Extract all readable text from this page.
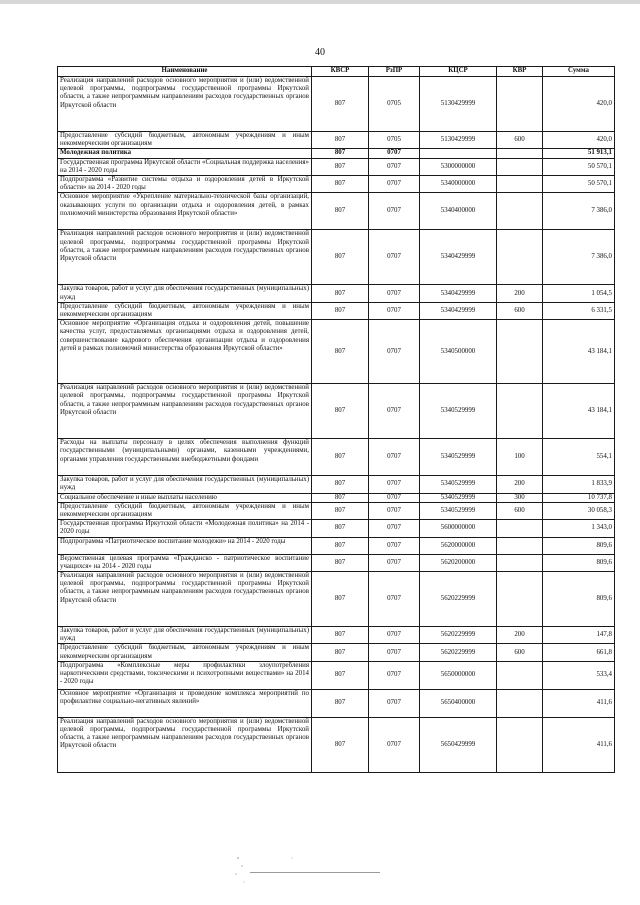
40
Наименование	КВСР	РзПР	КЦСР	КВР	Сумма
Реализация направлений расходов основного мероприятия и (или) ведомственной целевой программы, подпрограммы государственной программы Иркутской области, а также непрограммным направлениям расходов государственных органов Иркутской области	807	0705	5130429999		420,0
Предоставление субсидий бюджетным, автономным учреждениям и иным некоммерческим организациям	807	0705	5130429999	600	420,0
Молодежная политика	807	0707			51 913,1
Государственная программа Иркутской области «Социальная поддержка населения» на 2014 - 2020 годы	807	0707	5300000000		50 570,1
Подпрограмма «Развитие системы отдыха и оздоровления детей в Иркутской области» на 2014 - 2020 годы	807	0707	5340000000		50 570,1
Основное мероприятие «Укрепление материально-технической базы организаций, оказывающих услуги по организации отдыха и оздоровления детей, в рамках полномочий министерства образования Иркутской области»	807	0707	5340400000		7 386,0
Реализация направлений расходов основного мероприятия и (или) ведомственной целевой программы, подпрограммы государственной программы Иркутской области, а также непрограммным направлениям расходов государственных органов Иркутской области	807	0707	5340429999		7 386,0
Закупка товаров, работ и услуг для обеспечения государственных (муниципальных) нужд	807	0707	5340429999	200	1 054,5
Предоставление субсидий бюджетным, автономным учреждениям и иным некоммерческим организациям	807	0707	5340429999	600	6 331,5
Основное мероприятие «Организация отдыха и оздоровления детей, повышение качества услуг, предоставляемых организациями отдыха и оздоровления детей, совершенствование кадрового обеспечения организации отдыха и оздоровления детей в рамках полномочий министерства образования Иркутской области»	807	0707	5340500000		43 184,1
Реализация направлений расходов основного мероприятия и (или) ведомственной целевой программы, подпрограммы государственной программы Иркутской области, а также непрограммным направлениям расходов государственных органов Иркутской области	807	0707	5340529999		43 184,1
Расходы на выплаты персоналу в целях обеспечения выполнения функций государственными (муниципальными) органами, казенными учреждениями, органами управления государственными внебюджетными фондами	807	0707	5340529999	100	554,1
Закупка товаров, работ и услуг для обеспечения государственных (муниципальных) нужд	807	0707	5340529999	200	1 833,9
Социальное обеспечение и иные выплаты населению	807	0707	5340529999	300	10 737,8
Предоставление субсидий бюджетным, автономным учреждениям и иным некоммерческим организациям	807	0707	5340529999	600	30 058,3
Государственная программа Иркутской области «Молодежная политика» на 2014 - 2020 годы	807	0707	5600000000		1 343,0
Подпрограмма «Патриотическое воспитание молодежи» на 2014 - 2020 годы	807	0707	5620000000		809,6
Ведомственная целевая программа «Гражданско - патриотическое воспитание учащихся» на 2014 - 2020 годы	807	0707	5620200000		809,6
Реализация направлений расходов основного мероприятия и (или) ведомственной целевой программы, подпрограммы государственной программы Иркутской области, а также непрограммным направлениям расходов государственных органов Иркутской области	807	0707	5620229999		809,6
Закупка товаров, работ и услуг для обеспечения государственных (муниципальных) нужд	807	0707	5620229999	200	147,8
Предоставление субсидий бюджетным, автономным учреждениям и иным некоммерческим организациям	807	0707	5620229999	600	661,8
Подпрограмма «Комплексные меры профилактики злоупотребления наркотическими средствами, токсическими и психотропными веществами» на 2014 - 2020 годы	807	0707	5650000000		533,4
Основное мероприятие «Организация и проведение комплекса мероприятий по профилактике социально-негативных явлений»	807	0707	5650400000		411,6
Реализация направлений расходов основного мероприятия и (или) ведомственной целевой программы, подпрограммы государственной программы Иркутской области, а также непрограммным направлениям расходов государственных органов Иркутской области	807	0707	5650429999		411,6
